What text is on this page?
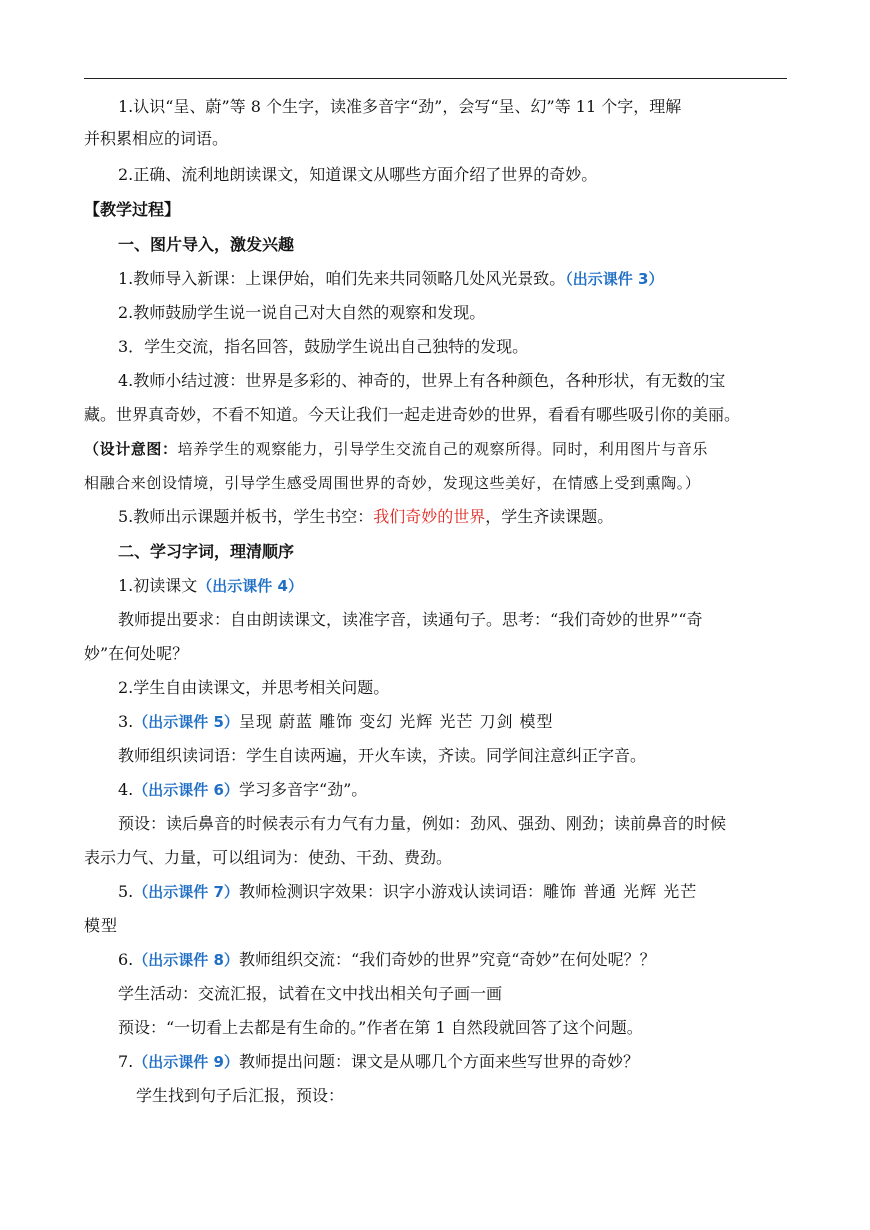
1.认识“呈、蔚”等 8 个生字，读准多音字“劲”，会写“呈、幻”等 11 个字，理解
并积累相应的词语。
2.正确、流利地朗读课文，知道课文从哪些方面介绍了世界的奇妙。
【教学过程】
一、图片导入，激发兴趣
1.教师导入新课：上课伊始，咱们先来共同领略几处风光景致。（出示课件 3）
2.教师鼓励学生说一说自己对大自然的观察和发现。
3．学生交流，指名回答，鼓励学生说出自己独特的发现。
4.教师小结过渡：世界是多彩的、神奇的，世界上有各种颜色，各种形状，有无数的宝
藏。世界真奇妙，不看不知道。今天让我们一起走进奇妙的世界，看看有哪些吸引你的美丽。
（设计意图：培养学生的观察能力，引导学生交流自己的观察所得。同时，利用图片与音乐
相融合来创设情境，引导学生感受周围世界的奇妙，发现这些美好，在情感上受到熏陶。）
5.教师出示课题并板书，学生书空：我们奇妙的世界，学生齐读课题。
二、学习字词，理清顺序
1.初读课文（出示课件 4）
教师提出要求：自由朗读课文，读准字音，读通句子。思考：“我们奇妙的世界”“奇
妙”在何处呢？
2.学生自由读课文，并思考相关问题。
3.（出示课件 5）呈现 蔚蓝 雕饰 变幻 光辉 光芒 刀剑 模型
教师组织读词语：学生自读两遍，开火车读，齐读。同学间注意纠正字音。
4.（出示课件 6）学习多音字“劲”。
预设：读后鼻音的时候表示有力气有力量，例如：劲风、强劲、刚劲；读前鼻音的时候
表示力气、力量，可以组词为：使劲、干劲、费劲。
5.（出示课件 7）教师检测识字效果：识字小游戏认读词语：雕饰 普通 光辉 光芒
模型
6.（出示课件 8）教师组织交流：“我们奇妙的世界”究竟“奇妙”在何处呢？？
学生活动：交流汇报，试着在文中找出相关句子画一画
预设：“一切看上去都是有生命的。”作者在第 1 自然段就回答了这个问题。
7.（出示课件 9）教师提出问题：课文是从哪几个方面来些写世界的奇妙？
学生找到句子后汇报，预设：
